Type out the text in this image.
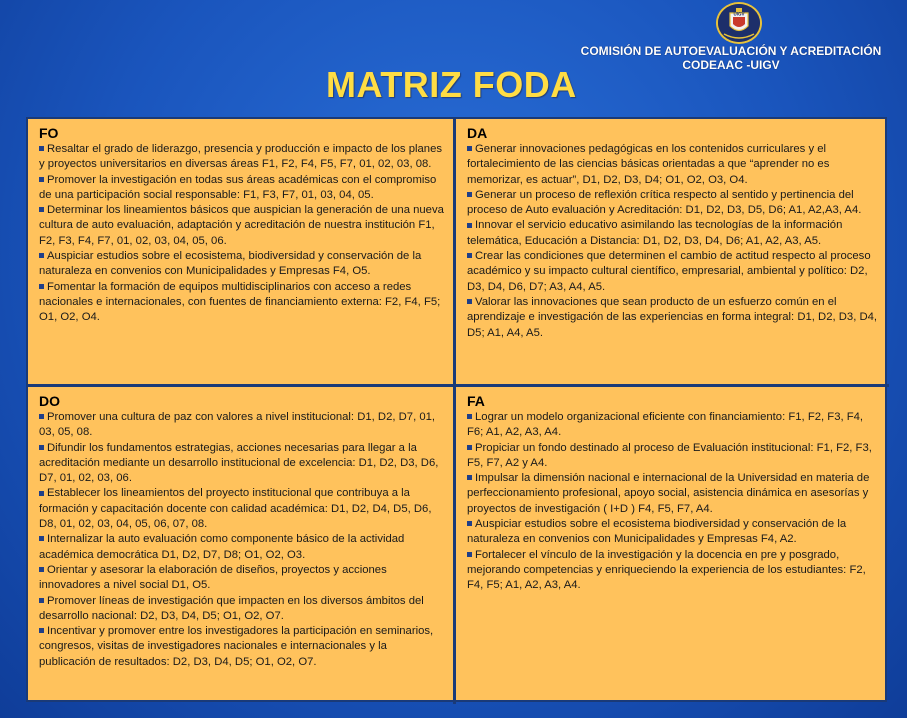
UIGV
COMISIÓN DE AUTOEVALUACIÓN Y ACREDITACIÓN
CODEAAC -UIGV
MATRIZ FODA
FO
Resaltar el grado de liderazgo, presencia y producción e impacto de los planes y proyectos universitarios en diversas áreas F1, F2, F4, F5, F7, 01, 02, 03, 08.
Promover la investigación en todas sus áreas académicas con el compromiso de una participación social responsable: F1, F3, F7, 01, 03, 04, 05.
Determinar los lineamientos básicos que auspician la generación de una nueva cultura de auto evaluación, adaptación y acreditación de nuestra institución F1, F2, F3, F4, F7, 01, 02, 03, 04, 05, 06.
Auspiciar estudios sobre el ecosistema, biodiversidad y conservación de la naturaleza en convenios con Municipalidades y Empresas F4, O5.
Fomentar la formación de equipos multidisciplinarios con acceso a redes nacionales e internacionales, con fuentes de financiamiento externa: F2, F4, F5; O1, O2, O4.
DA
Generar innovaciones pedagógicas en los contenidos curriculares y el fortalecimiento de las ciencias básicas orientadas a que “aprender no es memorizar, es actuar”, D1, D2, D3, D4; O1, O2, O3, O4.
Generar un proceso de reflexión crítica respecto al sentido y pertinencia del proceso de Auto evaluación y Acreditación: D1, D2, D3, D5, D6; A1, A2,A3, A4.
Innovar el servicio educativo asimilando las tecnologías de la información telemática, Educación a Distancia: D1, D2, D3, D4, D6; A1, A2, A3, A5.
Crear las condiciones que determinen el cambio de actitud respecto al proceso académico y su impacto cultural científico, empresarial, ambiental y político: D2, D3, D4, D6, D7; A3, A4, A5.
Valorar las innovaciones que sean producto de un esfuerzo común en el aprendizaje e investigación de las experiencias en forma integral: D1, D2, D3, D4, D5; A1, A4, A5.
DO
Promover una cultura de paz con valores a nivel institucional: D1, D2, D7, 01, 03, 05, 08.
Difundir los fundamentos estrategias, acciones necesarias para llegar a la acreditación mediante un desarrollo institucional de excelencia: D1, D2, D3, D6, D7, 01, 02, 03, 06.
Establecer los lineamientos del proyecto institucional que contribuya a la formación y capacitación docente con calidad académica: D1, D2, D4, D5, D6, D8, 01, 02, 03, 04, 05, 06, 07, 08.
Internalizar la auto evaluación como componente básico de la actividad académica democrática D1, D2, D7, D8; O1, O2, O3.
Orientar y asesorar la elaboración de diseños, proyectos y acciones innovadores a nivel social D1, O5.
Promover líneas de investigación que impacten en los diversos ámbitos del desarrollo nacional: D2, D3, D4, D5; O1, O2, O7.
Incentivar y promover entre los investigadores la participación en seminarios, congresos, visitas de investigadores nacionales e internacionales y la publicación de resultados: D2, D3, D4, D5; O1, O2, O7.
FA
Lograr un modelo organizacional eficiente con financiamiento: F1, F2, F3, F4, F6; A1, A2, A3, A4.
Propiciar un fondo destinado al proceso de Evaluación institucional: F1, F2, F3, F5, F7, A2 y A4.
Impulsar la dimensión nacional e internacional de la Universidad en materia de perfeccionamiento profesional, apoyo social, asistencia dinámica en asesorías y proyectos de investigación ( I+D ) F4, F5, F7, A4.
Auspiciar estudios sobre el ecosistema biodiversidad y conservación de la naturaleza en convenios con Municipalidades y Empresas F4, A2.
Fortalecer el vínculo de la investigación y la docencia en pre y posgrado, mejorando competencias y enriqueciendo la experiencia de los estudiantes: F2, F4, F5; A1, A2, A3, A4.
